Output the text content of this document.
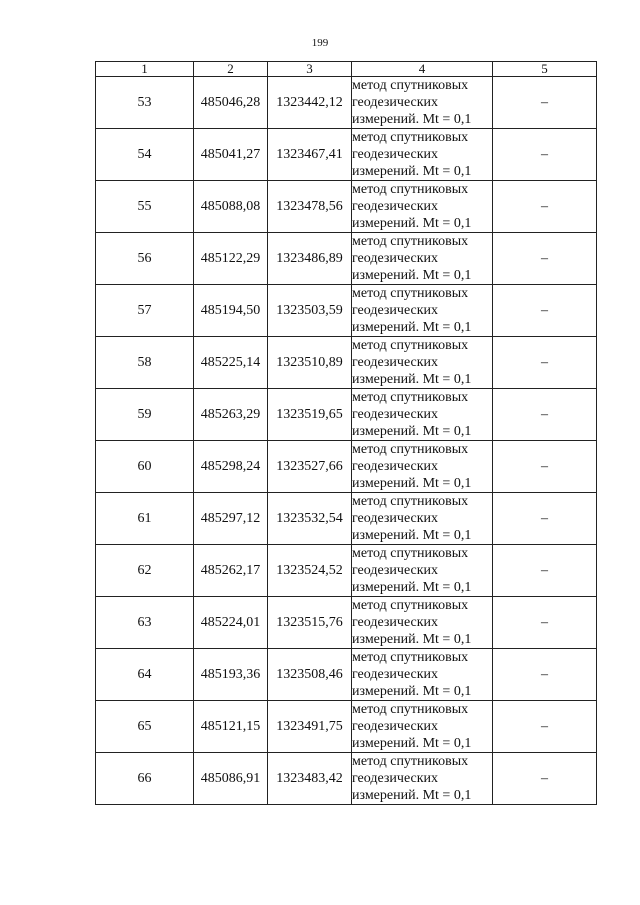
199
1	2	3	4	5
53	485046,28	1323442,12	метод спутниковых
геодезических
измерений. Mt = 0,1	–
54	485041,27	1323467,41	метод спутниковых
геодезических
измерений. Mt = 0,1	–
55	485088,08	1323478,56	метод спутниковых
геодезических
измерений. Mt = 0,1	–
56	485122,29	1323486,89	метод спутниковых
геодезических
измерений. Mt = 0,1	–
57	485194,50	1323503,59	метод спутниковых
геодезических
измерений. Mt = 0,1	–
58	485225,14	1323510,89	метод спутниковых
геодезических
измерений. Mt = 0,1	–
59	485263,29	1323519,65	метод спутниковых
геодезических
измерений. Mt = 0,1	–
60	485298,24	1323527,66	метод спутниковых
геодезических
измерений. Mt = 0,1	–
61	485297,12	1323532,54	метод спутниковых
геодезических
измерений. Mt = 0,1	–
62	485262,17	1323524,52	метод спутниковых
геодезических
измерений. Mt = 0,1	–
63	485224,01	1323515,76	метод спутниковых
геодезических
измерений. Mt = 0,1	–
64	485193,36	1323508,46	метод спутниковых
геодезических
измерений. Mt = 0,1	–
65	485121,15	1323491,75	метод спутниковых
геодезических
измерений. Mt = 0,1	–
66	485086,91	1323483,42	метод спутниковых
геодезических
измерений. Mt = 0,1	–
